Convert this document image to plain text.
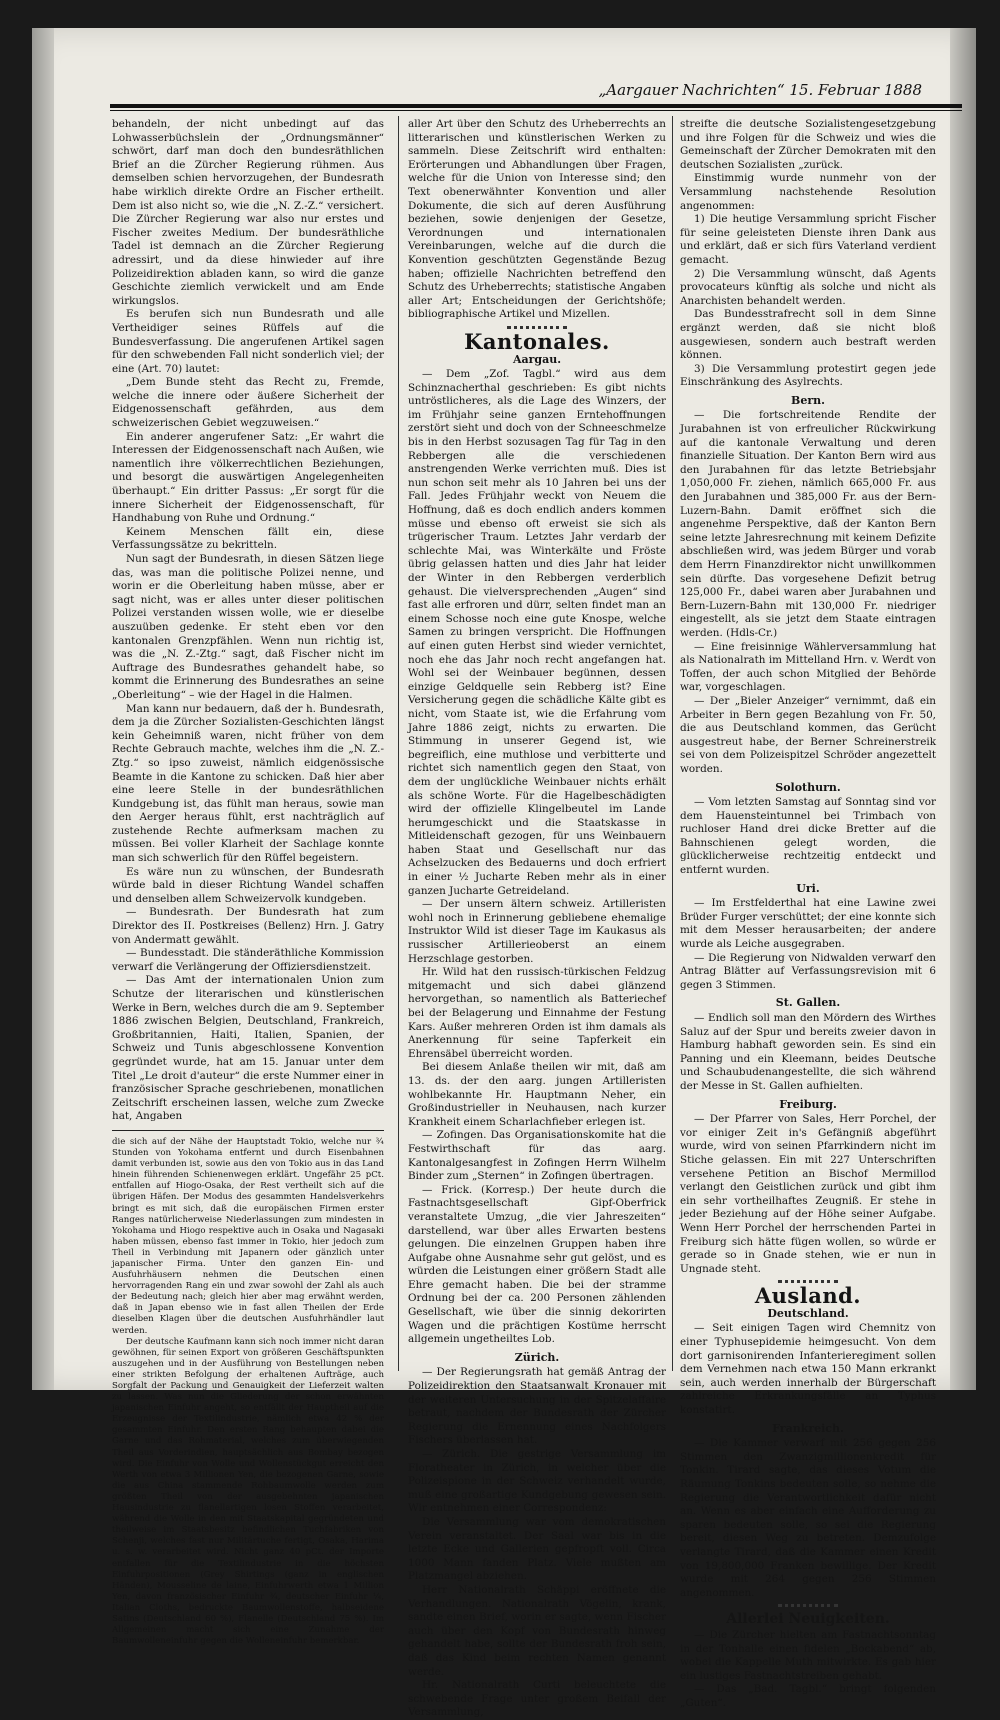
„Aargauer Nachrichten“ 15. Februar 1888

behandeln, der nicht unbedingt auf das Lohwasserbüchslein der „Ordnungsmänner“ schwört, darf man doch den bundesräthlichen Brief an die Zürcher Regierung rühmen. Aus demselben schien hervorzugehen, der Bundesrath habe wirklich direkte Ordre an Fischer ertheilt. Dem ist also nicht so, wie die „N. Z.-Z.“ versichert. Die Zürcher Regierung war also nur erstes und Fischer zweites Medium. Der bundesräthliche Tadel ist demnach an die Zürcher Regierung adressirt, und da diese hinwieder auf ihre Polizeidirektion abladen kann, so wird die ganze Geschichte ziemlich verwickelt und am Ende wirkungslos.

Es berufen sich nun Bundesrath und alle Vertheidiger seines Rüffels auf die Bundesverfassung. Die angerufenen Artikel sagen für den schwebenden Fall nicht sonderlich viel; der eine (Art. 70) lautet:

„Dem Bunde steht das Recht zu, Fremde, welche die innere oder äußere Sicherheit der Eidgenossenschaft gefährden, aus dem schweizerischen Gebiet wegzuweisen.“

Ein anderer angerufener Satz: „Er wahrt die Interessen der Eidgenossenschaft nach Außen, wie namentlich ihre völkerrechtlichen Beziehungen, und besorgt die auswärtigen Angelegenheiten überhaupt.“ Ein dritter Passus: „Er sorgt für die innere Sicherheit der Eidgenossenschaft, für Handhabung von Ruhe und Ordnung.“

Keinem Menschen fällt ein, diese Verfassungssätze zu bekritteln.

Nun sagt der Bundesrath, in diesen Sätzen liege das, was man die politische Polizei nenne, und worin er die Oberleitung haben müsse, aber er sagt nicht, was er alles unter dieser politischen Polizei verstanden wissen wolle, wie er dieselbe auszuüben gedenke. Er steht eben vor den kantonalen Grenzpfählen. Wenn nun richtig ist, was die „N. Z.-Ztg.“ sagt, daß Fischer nicht im Auftrage des Bundesrathes gehandelt habe, so kommt die Erinnerung des Bundesrathes an seine „Oberleitung“ – wie der Hagel in die Halmen.

Man kann nur bedauern, daß der h. Bundesrath, dem ja die Zürcher Sozialisten-Geschichten längst kein Geheimniß waren, nicht früher von dem Rechte Gebrauch machte, welches ihm die „N. Z.-Ztg.“ so ipso zuweist, nämlich eidgenössische Beamte in die Kantone zu schicken. Daß hier aber eine leere Stelle in der bundesräthlichen Kundgebung ist, das fühlt man heraus, sowie man den Aerger heraus fühlt, erst nachträglich auf zustehende Rechte aufmerksam machen zu müssen. Bei voller Klarheit der Sachlage konnte man sich schwerlich für den Rüffel begeistern.

Es wäre nun zu wünschen, der Bundesrath würde bald in dieser Richtung Wandel schaffen und denselben allem Schweizervolk kundgeben.

— Bundesrath. Der Bundesrath hat zum Direktor des II. Postkreises (Bellenz) Hrn. J. Gatry von Andermatt gewählt.

— Bundesstadt. Die ständeräthliche Kommission verwarf die Verlängerung der Offiziersdienstzeit.

— Das Amt der internationalen Union zum Schutze der literarischen und künstlerischen Werke in Bern, welches durch die am 9. September 1886 zwischen Belgien, Deutschland, Frankreich, Großbritannien, Haiti, Italien, Spanien, der Schweiz und Tunis abgeschlossene Konvention gegründet wurde, hat am 15. Januar unter dem Titel „Le droit d'auteur“ die erste Nummer einer in französischer Sprache geschriebenen, monatlichen Zeitschrift erscheinen lassen, welche zum Zwecke hat, Angaben

die sich auf der Nähe der Hauptstadt Tokio, welche nur ¾ Stunden von Yokohama entfernt und durch Eisenbahnen damit verbunden ist, sowie aus den von Tokio aus in das Land hinein führenden Schienenwegen erklärt. Ungefähr 25 pCt. entfallen auf Hiogo-Osaka, der Rest vertheilt sich auf die übrigen Häfen. Der Modus des gesammten Handelsverkehrs bringt es mit sich, daß die europäischen Firmen erster Ranges natürlicherweise Niederlassungen zum mindesten in Yokohama und Hiogo respektive auch in Osaka und Nagasaki haben müssen, ebenso fast immer in Tokio, hier jedoch zum Theil in Verbindung mit Japanern oder gänzlich unter japanischer Firma. Unter den ganzen Ein- und Ausfuhrhäusern nehmen die Deutschen einen hervorragenden Rang ein und zwar sowohl der Zahl als auch der Bedeutung nach; gleich hier aber mag erwähnt werden, daß in Japan ebenso wie in fast allen Theilen der Erde dieselben Klagen über die deutschen Ausfuhrhändler laut werden.

Der deutsche Kaufmann kann sich noch immer nicht daran gewöhnen, für seinen Export von größeren Geschäftspunkten auszugehen und in der Ausführung von Bestellungen neben einer strikten Befolgung der erhaltenen Aufträge, auch Sorgfalt der Packung und Genauigkeit der Lieferzeit walten zu lassen. Was nun die Gliederung der schon erwähnten japanischen Einfuhr angeht, so entfällt der Hauptheil auf die Erzeugnisse der Textilindustrie, nämlich etwa 42 % der gesammten Einfuhr. Den ersten Rang behaupten dabei die Garne und das Rohmaterial, welches zum überwiegenden Theil aus Vorderindien, hauptsächlich aus Bombay bezogen wird. Die Einfuhr von Wolle und Wollenstückgut erreicht den Werth von etwa 3 Millionen Yen, die bezogenen Garne, sowie die aus China stammende Rohbaumwolle werden zum größten Theil von der ausgebehnten japanischen Hausindustrie zu flanellartigen losen Stoffen verarbeitet, während die Wolle in den mit Staatskapital gegründeten und theilweise im Staatsbesitz befindlichen Tuchfabriken von Schenji, welches fast nur Militärtuche fertigt, Osaka, Harima u. s. w. verarbeitet wird. Nicht ganz 40 pCt. der Importe entfallen für die Textilindustrie in die höchsten Einfuhrpositionen (Grey Shirtings (ganz in englischen Händen), Mousseline de laine, Einfuhrwerth etwa 1 Million Yen, davon französischer Einfuhr ¾, deutscher Einfuhr ¼, Italian Cloths, bedruckte Baumwollenstoffe, halbseidene Satins (Deutschland 60 %), Flanelle (Deutschland 75 %). Im Allgemeinen macht sich eine Zunahme der Baumwolleneinfuhr gegen die Wolleneinfuhr bemerkbar.

aller Art über den Schutz des Urheberrechts an litterarischen und künstlerischen Werken zu sammeln. Diese Zeitschrift wird enthalten: Erörterungen und Abhandlungen über Fragen, welche für die Union von Interesse sind; den Text obenerwähnter Konvention und aller Dokumente, die sich auf deren Ausführung beziehen, sowie denjenigen der Gesetze, Verordnungen und internationalen Vereinbarungen, welche auf die durch die Konvention geschützten Gegenstände Bezug haben; offizielle Nachrichten betreffend den Schutz des Urheberrechts; statistische Angaben aller Art; Entscheidungen der Gerichtshöfe; bibliographische Artikel und Mizellen.

Kantonales.
Aargau.

— Dem „Zof. Tagbl.“ wird aus dem Schinznacherthal geschrieben: Es gibt nichts untröstlicheres, als die Lage des Winzers, der im Frühjahr seine ganzen Erntehoffnungen zerstört sieht und doch von der Schneeschmelze bis in den Herbst sozusagen Tag für Tag in den Rebbergen alle die verschiedenen anstrengenden Werke verrichten muß. Dies ist nun schon seit mehr als 10 Jahren bei uns der Fall. Jedes Frühjahr weckt von Neuem die Hoffnung, daß es doch endlich anders kommen müsse und ebenso oft erweist sie sich als trügerischer Traum. Letztes Jahr verdarb der schlechte Mai, was Winterkälte und Fröste übrig gelassen hatten und dies Jahr hat leider der Winter in den Rebbergen verderblich gehaust. Die vielversprechenden „Augen“ sind fast alle erfroren und dürr, selten findet man an einem Schosse noch eine gute Knospe, welche Samen zu bringen verspricht. Die Hoffnungen auf einen guten Herbst sind wieder vernichtet, noch ehe das Jahr noch recht angefangen hat. Wohl sei der Weinbauer begünnen, dessen einzige Geldquelle sein Rebberg ist? Eine Versicherung gegen die schädliche Kälte gibt es nicht, vom Staate ist, wie die Erfahrung vom Jahre 1886 zeigt, nichts zu erwarten. Die Stimmung in unserer Gegend ist, wie begreiflich, eine muthlose und verbitterte und richtet sich namentlich gegen den Staat, von dem der unglückliche Weinbauer nichts erhält als schöne Worte. Für die Hagelbeschädigten wird der offizielle Klingelbeutel im Lande herumgeschickt und die Staatskasse in Mitleidenschaft gezogen, für uns Weinbauern haben Staat und Gesellschaft nur das Achselzucken des Bedauerns und doch erfriert in einer ½ Jucharte Reben mehr als in einer ganzen Jucharte Getreideland.

— Der unsern ältern schweiz. Artilleristen wohl noch in Erinnerung gebliebene ehemalige Instruktor Wild ist dieser Tage im Kaukasus als russischer Artillerieoberst an einem Herzschlage gestorben.

Hr. Wild hat den russisch-türkischen Feldzug mitgemacht und sich dabei glänzend hervorgethan, so namentlich als Batteriechef bei der Belagerung und Einnahme der Festung Kars. Außer mehreren Orden ist ihm damals als Anerkennung für seine Tapferkeit ein Ehrensäbel überreicht worden.

Bei diesem Anlaße theilen wir mit, daß am 13. ds. der den aarg. jungen Artilleristen wohlbekannte Hr. Hauptmann Neher, ein Großindustrieller in Neuhausen, nach kurzer Krankheit einem Scharlachfieber erlegen ist.

— Zofingen. Das Organisationskomite hat die Festwirthschaft für das aarg. Kantonalgesangfest in Zofingen Herrn Wilhelm Binder zum „Sternen“ in Zofingen übertragen.

— Frick. (Korresp.) Der heute durch die Fastnachtsgesellschaft Gipf-Oberfrick veranstaltete Umzug, „die vier Jahreszeiten“ darstellend, war über alles Erwarten bestens gelungen. Die einzelnen Gruppen haben ihre Aufgabe ohne Ausnahme sehr gut gelöst, und es würden die Leistungen einer größern Stadt alle Ehre gemacht haben. Die bei der stramme Ordnung bei der ca. 200 Personen zählenden Gesellschaft, wie über die sinnig dekorirten Wagen und die prächtigen Kostüme herrscht allgemein ungetheiltes Lob.

Zürich.

— Der Regierungsrath hat gemäß Antrag der Polizeidirektion den Staatsanwalt Kronauer mit der weiteren Untersuchung in der Spitzelaffaire betraut, nachdem der Bundesrath der Zürcher Regierung die Ernennung eines Nachfolgers Fischers überlassen hat.

— Zürich. Die gestrige Versammlung im Floratheater in Zürich, in welcher über die Polizeispione in der Schweiz verhandelt wurde, muß eine großartige Kundgebung gewesen sein. Wir entnehmen einer Correspondenz:

Die Versammlung war vom demokratischen Verein veranstaltet. Der Saal war bis in die letzte Ecke und Gallerien gepfropft voll. Circa 1000 Mann fanden Platz. Viele mußten am Platzmangel abziehen.

Herr Nationalrath Schäppi eröffnete die Verhandlungen. Nationalrath Vögelin, krank, sandte einen Brief, worin er sagte, wenn Fischer auch über den Kopf von Bundesrath hinweg gehandelt habe, sollte der Bundesrath froh sein, daß das Kind beim rechten Namen genannt werde.

Hr. Nationalrath Curti beleuchtete die schwebende Frage unter großem Beifall der Versammlung,

streifte die deutsche Sozialistengesetzgebung und ihre Folgen für die Schweiz und wies die Gemeinschaft der Zürcher Demokraten mit den deutschen Sozialisten „zurück.

Einstimmig wurde nunmehr von der Versammlung nachstehende Resolution angenommen:

1) Die heutige Versammlung spricht Fischer für seine geleisteten Dienste ihren Dank aus und erklärt, daß er sich fürs Vaterland verdient gemacht.

2) Die Versammlung wünscht, daß Agents provocateurs künftig als solche und nicht als Anarchisten behandelt werden.

Das Bundesstrafrecht soll in dem Sinne ergänzt werden, daß sie nicht bloß ausgewiesen, sondern auch bestraft werden können.

3) Die Versammlung protestirt gegen jede Einschränkung des Asylrechts.

Bern.

— Die fortschreitende Rendite der Jurabahnen ist von erfreulicher Rückwirkung auf die kantonale Verwaltung und deren finanzielle Situation. Der Kanton Bern wird aus den Jurabahnen für das letzte Betriebsjahr 1,050,000 Fr. ziehen, nämlich 665,000 Fr. aus den Jurabahnen und 385,000 Fr. aus der Bern-Luzern-Bahn. Damit eröffnet sich die angenehme Perspektive, daß der Kanton Bern seine letzte Jahresrechnung mit keinem Defizite abschließen wird, was jedem Bürger und vorab dem Herrn Finanzdirektor nicht unwillkommen sein dürfte. Das vorgesehene Defizit betrug 125,000 Fr., dabei waren aber Jurabahnen und Bern-Luzern-Bahn mit 130,000 Fr. niedriger eingestellt, als sie jetzt dem Staate eintragen werden. (Hdls-Cr.)

— Eine freisinnige Wählerversammlung hat als Nationalrath im Mittelland Hrn. v. Werdt von Toffen, der auch schon Mitglied der Behörde war, vorgeschlagen.

— Der „Bieler Anzeiger“ vernimmt, daß ein Arbeiter in Bern gegen Bezahlung von Fr. 50, die aus Deutschland kommen, das Gerücht ausgestreut habe, der Berner Schreinerstreik sei von dem Polizeispitzel Schröder angezettelt worden.

Solothurn.

— Vom letzten Samstag auf Sonntag sind vor dem Hauensteintunnel bei Trimbach von ruchloser Hand drei dicke Bretter auf die Bahnschienen gelegt worden, die glücklicherweise rechtzeitig entdeckt und entfernt wurden.

Uri.

— Im Erstfelderthal hat eine Lawine zwei Brüder Furger verschüttet; der eine konnte sich mit dem Messer herausarbeiten; der andere wurde als Leiche ausgegraben.

— Die Regierung von Nidwalden verwarf den Antrag Blätter auf Verfassungsrevision mit 6 gegen 3 Stimmen.

St. Gallen.

— Endlich soll man den Mördern des Wirthes Saluz auf der Spur und bereits zweier davon in Hamburg habhaft geworden sein. Es sind ein Panning und ein Kleemann, beides Deutsche und Schaubudenangestellte, die sich während der Messe in St. Gallen aufhielten.

Freiburg.

— Der Pfarrer von Sales, Herr Porchel, der vor einiger Zeit in's Gefängniß abgeführt wurde, wird von seinen Pfarrkindern nicht im Stiche gelassen. Ein mit 227 Unterschriften versehene Petition an Bischof Mermillod verlangt den Geistlichen zurück und gibt ihm ein sehr vortheilhaftes Zeugniß. Er stehe in jeder Beziehung auf der Höhe seiner Aufgabe. Wenn Herr Porchel der herrschenden Partei in Freiburg sich hätte fügen wollen, so würde er gerade so in Gnade stehen, wie er nun in Ungnade steht.

Ausland.
Deutschland.

— Seit einigen Tagen wird Chemnitz von einer Typhusepidemie heimgesucht. Von dem dort garnisonirenden Infanterieregiment sollen dem Vernehmen nach etwa 150 Mann erkrankt sein, auch werden innerhalb der Bürgerschaft zahlreiche Erkrankungsfälle an Typhus konstatirt.

Frankreich.

— Die Kammer verwarf mit 256 gegen 256 Stimmen den Zwanzigmillionenkredit für Tonkin. Tirard sagte, das dieses Votum die Räumung Tonkins bedeuten solle, so nehme die Regierung die Verantwortlichkeit dafür nicht an. Wenn es aber einfach eine Aufforderung zu sparen bedeuten solle, so sei die Regierung bereit, diesen Weg zu betreten. Demzufolge verlangte Tirard, daß die Kammer einen Kredit von 19,800,000 Franken bewillige. Der Kredit wurde mit 264 gegen 256 Stimmen angenommen.

Allerlei Neuigkeiten.

— Die Zürcher hielten am Fastnachtsonntag in der Tonhalle einen fidelen „Bockabend“ ab, wobei die Kappelle Muth mitwirkte. Es gab hier ein lustiges Fastnachtstreiben gehabt.

— Das „Bad. Tagbl.“ bringt folgenden „Guten“.
